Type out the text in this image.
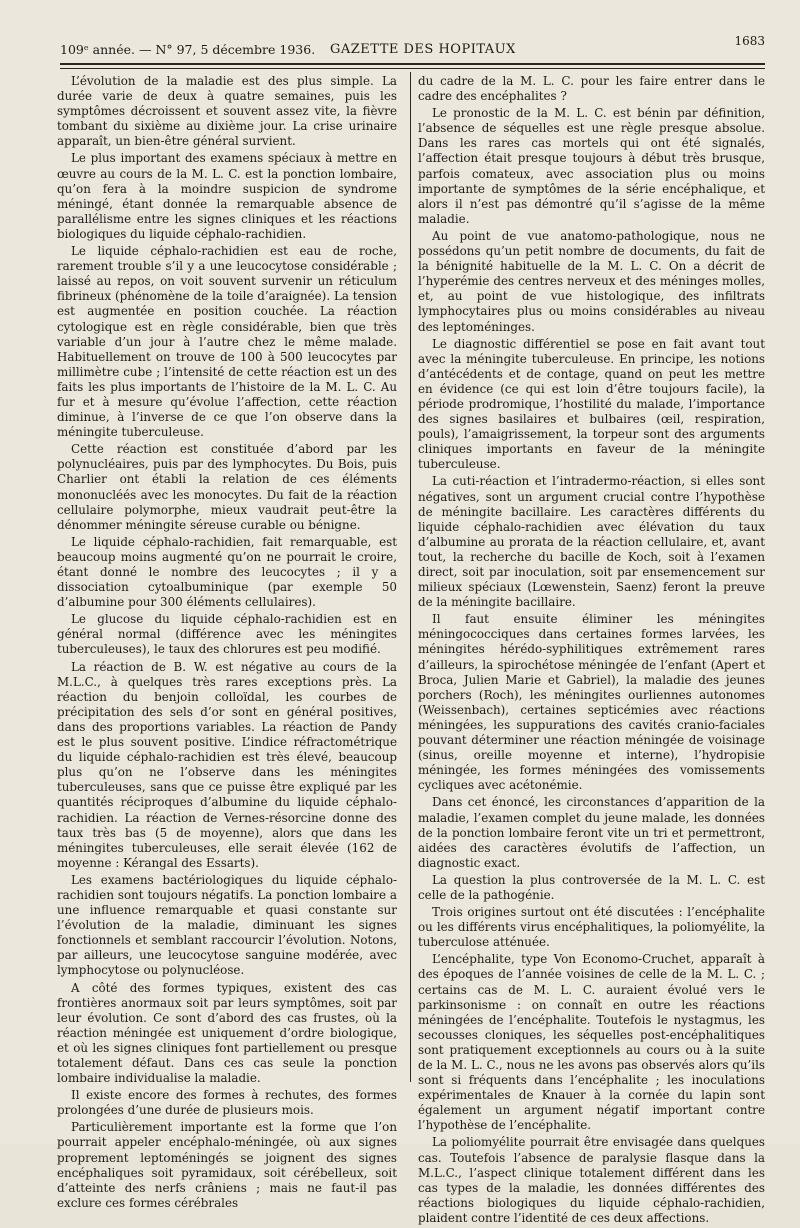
109ᵉ année. — N° 97, 5 décembre 1936. GAZETTE DES HOPITAUX
1683

L’évolution de la maladie est des plus simple. La durée varie de deux à quatre semaines, puis les symptômes décroissent et souvent assez vite, la fièvre tombant du sixième au dixième jour. La crise urinaire apparaît, un bien-être général survient.

Le plus important des examens spéciaux à mettre en œuvre au cours de la M. L. C. est la ponction lombaire, qu’on fera à la moindre suspicion de syndrome méningé, étant donnée la remarquable absence de parallélisme entre les signes cliniques et les réactions biologiques du liquide céphalo-rachidien.

Le liquide céphalo-rachidien est eau de roche, rarement trouble s’il y a une leucocytose considérable ; laissé au repos, on voit souvent survenir un réticulum fibrineux (phénomène de la toile d’araignée). La tension est augmentée en position couchée. La réaction cytologique est en règle considérable, bien que très variable d’un jour à l’autre chez le même malade. Habituellement on trouve de 100 à 500 leucocytes par millimètre cube ; l’intensité de cette réaction est un des faits les plus importants de l’histoire de la M. L. C. Au fur et à mesure qu’évolue l’affection, cette réaction diminue, à l’inverse de ce que l’on observe dans la méningite tuberculeuse.

Cette réaction est constituée d’abord par les polynucléaires, puis par des lymphocytes. Du Bois, puis Charlier ont établi la relation de ces éléments mononucléés avec les monocytes. Du fait de la réaction cellulaire polymorphe, mieux vaudrait peut-être la dénommer méningite séreuse curable ou bénigne.

Le liquide céphalo-rachidien, fait remarquable, est beaucoup moins augmenté qu’on ne pourrait le croire, étant donné le nombre des leucocytes ; il y a dissociation cytoalbuminique (par exemple 50 d’albumine pour 300 éléments cellulaires).

Le glucose du liquide céphalo-rachidien est en général normal (différence avec les méningites tuberculeuses), le taux des chlorures est peu modifié.

La réaction de B. W. est négative au cours de la M.L.C., à quelques très rares exceptions près. La réaction du benjoin colloïdal, les courbes de précipitation des sels d’or sont en général positives, dans des proportions variables. La réaction de Pandy est le plus souvent positive. L’indice réfractométrique du liquide céphalo-rachidien est très élevé, beaucoup plus qu’on ne l’observe dans les méningites tuberculeuses, sans que ce puisse être expliqué par les quantités réciproques d’albumine du liquide céphalo-rachidien. La réaction de Vernes-résorcine donne des taux très bas (5 de moyenne), alors que dans les méningites tuberculeuses, elle serait élevée (162 de moyenne : Kérangal des Essarts).

Les examens bactériologiques du liquide céphalo-rachidien sont toujours négatifs. La ponction lombaire a une influence remarquable et quasi constante sur l’évolution de la maladie, diminuant les signes fonctionnels et semblant raccourcir l’évolution. Notons, par ailleurs, une leucocytose sanguine modérée, avec lymphocytose ou polynucléose.

A côté des formes typiques, existent des cas frontières anormaux soit par leurs symptômes, soit par leur évolution. Ce sont d’abord des cas frustes, où la réaction méningée est uniquement d’ordre biologique, et où les signes cliniques font partiellement ou presque totalement défaut. Dans ces cas seule la ponction lombaire individualise la maladie.

Il existe encore des formes à rechutes, des formes prolongées d’une durée de plusieurs mois.

Particulièrement importante est la forme que l’on pourrait appeler encéphalo-méningée, où aux signes proprement leptoméningés se joignent des signes encéphaliques soit pyramidaux, soit cérébelleux, soit d’atteinte des nerfs crâniens ; mais ne faut-il pas exclure ces formes cérébrales

du cadre de la M. L. C. pour les faire entrer dans le cadre des encéphalites ?

Le pronostic de la M. L. C. est bénin par définition, l’absence de séquelles est une règle presque absolue. Dans les rares cas mortels qui ont été signalés, l’affection était presque toujours à début très brusque, parfois comateux, avec association plus ou moins importante de symptômes de la série encéphalique, et alors il n’est pas démontré qu’il s’agisse de la même maladie.

Au point de vue anatomo-pathologique, nous ne possédons qu’un petit nombre de documents, du fait de la bénignité habituelle de la M. L. C. On a décrit de l’hyperémie des centres nerveux et des méninges molles, et, au point de vue histologique, des infiltrats lymphocytaires plus ou moins considérables au niveau des leptoméninges.

Le diagnostic différentiel se pose en fait avant tout avec la méningite tuberculeuse. En principe, les notions d’antécédents et de contage, quand on peut les mettre en évidence (ce qui est loin d’être toujours facile), la période prodromique, l’hostilité du malade, l’importance des signes basilaires et bulbaires (œil, respiration, pouls), l’amaigrissement, la torpeur sont des arguments cliniques importants en faveur de la méningite tuberculeuse.

La cuti-réaction et l’intradermo-réaction, si elles sont négatives, sont un argument crucial contre l’hypothèse de méningite bacillaire. Les caractères différents du liquide céphalo-rachidien avec élévation du taux d’albumine au prorata de la réaction cellulaire, et, avant tout, la recherche du bacille de Koch, soit à l’examen direct, soit par inoculation, soit par ensemencement sur milieux spéciaux (Lœwenstein, Saenz) feront la preuve de la méningite bacillaire.

Il faut ensuite éliminer les méningites méningococciques dans certaines formes larvées, les méningites hérédo-syphilitiques extrêmement rares d’ailleurs, la spirochétose méningée de l’enfant (Apert et Broca, Julien Marie et Gabriel), la maladie des jeunes porchers (Roch), les méningites ourliennes autonomes (Weissenbach), certaines septicémies avec réactions méningées, les suppurations des cavités cranio-faciales pouvant déterminer une réaction méningée de voisinage (sinus, oreille moyenne et interne), l’hydropisie méningée, les formes méningées des vomissements cycliques avec acétonémie.

Dans cet énoncé, les circonstances d’apparition de la maladie, l’examen complet du jeune malade, les données de la ponction lombaire feront vite un tri et permettront, aidées des caractères évolutifs de l’affection, un diagnostic exact.

La question la plus controversée de la M. L. C. est celle de la pathogénie.

Trois origines surtout ont été discutées : l’encéphalite ou les différents virus encéphalitiques, la poliomyélite, la tuberculose atténuée.

L’encéphalite, type Von Economo-Cruchet, apparaît à des époques de l’année voisines de celle de la M. L. C. ; certains cas de M. L. C. auraient évolué vers le parkinsonisme : on connaît en outre les réactions méningées de l’encéphalite. Toutefois le nystagmus, les secousses cloniques, les séquelles post-encéphalitiques sont pratiquement exceptionnels au cours ou à la suite de la M. L. C., nous ne les avons pas observés alors qu’ils sont si fréquents dans l’encéphalite ; les inoculations expérimentales de Knauer à la cornée du lapin sont également un argument négatif important contre l’hypothèse de l’encéphalite.

La poliomyélite pourrait être envisagée dans quelques cas. Toutefois l’absence de paralysie flasque dans la M.L.C., l’aspect clinique totalement différent dans les cas types de la maladie, les données différentes des réactions biologiques du liquide céphalo-rachidien, plaident contre l’identité de ces deux affections.
